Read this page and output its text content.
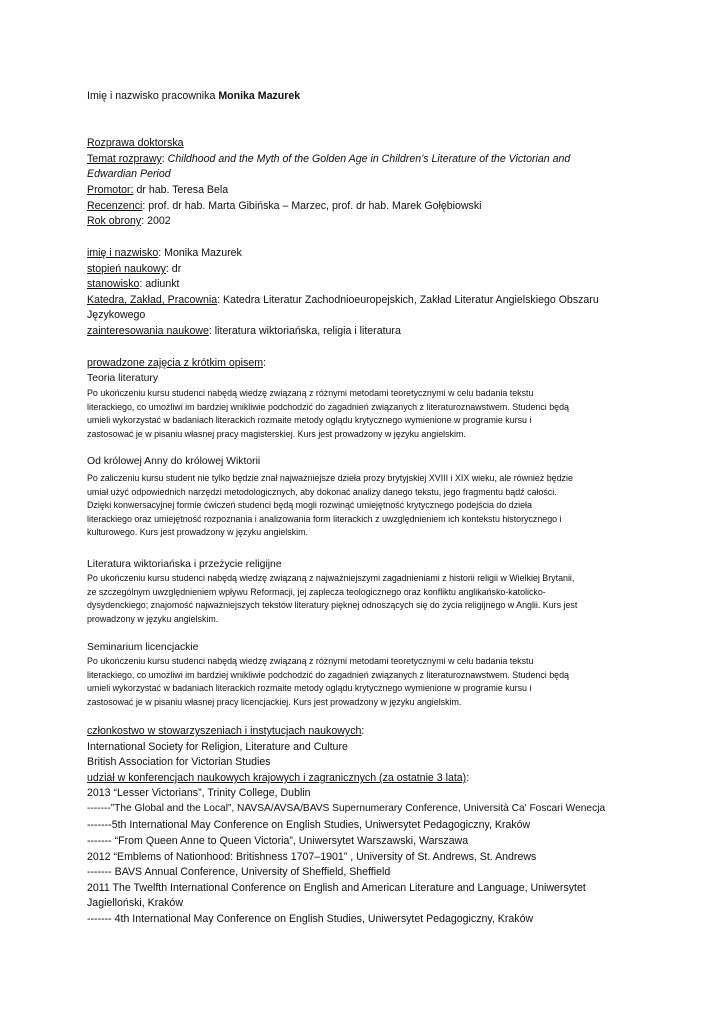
Imię i nazwisko pracownika Monika Mazurek
Rozprawa doktorska
Temat rozprawy: Childhood and the Myth of the Golden Age in Children’s Literature of the Victorian and
Edwardian Period
Promotor: dr hab. Teresa Bela
Recenzenci: prof. dr hab. Marta Gibińska – Marzec, prof. dr hab. Marek Gołębiowski
Rok obrony: 2002
imię i nazwisko: Monika Mazurek
stopień naukowy: dr
stanowisko: adiunkt
Katedra, Zakład, Pracownia: Katedra Literatur Zachodnioeuropejskich, Zakład Literatur Angielskiego Obszaru
Językowego
zainteresowania naukowe: literatura wiktoriańska, religia i literatura
prowadzone zajęcia z krótkim opisem:
Teoria literatury
Po ukończeniu kursu studenci nabędą wiedzę związaną z różnymi metodami teoretycznymi w celu badania tekstu
literackiego, co umożliwi im bardziej wnikliwie podchodzić do zagadnień związanych z literaturoznawstwem. Studenci będą
umieli wykorzystać w badaniach literackich rozmaite metody oglądu krytycznego wymienione w programie kursu i
zastosować je w pisaniu własnej pracy magisterskiej. Kurs jest prowadzony w języku angielskim.
Od królowej Anny do królowej Wiktorii
Po zaliczeniu kursu student nie tylko będzie znał najważniejsze dzieła prozy brytyjskiej XVIII i XIX wieku, ale również będzie
umiał użyć odpowiednich narzędzi metodologicznych, aby dokonać analizy danego tekstu, jego fragmentu bądź całości.
Dzięki konwersacyjnej formie ćwiczeń studenci będą mogli rozwinąć umiejętność krytycznego podejścia do dzieła
literackiego oraz umiejętność rozpoznania i analizowania form literackich z uwzględnieniem ich kontekstu historycznego i
kulturowego. Kurs jest prowadzony w języku angielskim.
Literatura wiktoriańska i przeżycie religijne
Po ukończeniu kursu studenci nabędą wiedzę związaną z najważniejszymi zagadnieniami z historii religii w Wielkiej Brytanii,
ze szczególnym uwzględnieniem wpływu Reformacji, jej zaplecza teologicznego oraz konfliktu anglikańsko-katolicko-
dysydenckiego; znajomość najważniejszych tekstów literatury pięknej odnoszących się do życia religijnego w Anglii. Kurs jest
prowadzony w języku angielskim.
Seminarium licencjackie
Po ukończeniu kursu studenci nabędą wiedzę związaną z różnymi metodami teoretycznymi w celu badania tekstu
literackiego, co umożliwi im bardziej wnikliwie podchodzić do zagadnień związanych z literaturoznawstwem. Studenci będą
umieli wykorzystać w badaniach literackich rozmaite metody oglądu krytycznego wymienione w programie kursu i
zastosować je w pisaniu własnej pracy licencjackiej. Kurs jest prowadzony w języku angielskim.
członkostwo w stowarzyszeniach i instytucjach naukowych:
International Society for Religion, Literature and Culture
British Association for Victorian Studies
udział w konferencjach naukowych krajowych i zagranicznych (za ostatnie 3 lata):
2013 “Lesser Victorians”, Trinity College, Dublin
-------”The Global and the Local”, NAVSA/AVSA/BAVS Supernumerary Conference, Università Ca' Foscari Wenecja
-------5th International May Conference on English Studies, Uniwersytet Pedagogiczny, Kraków
------- “From Queen Anne to Queen Victoria”, Uniwersytet Warszawski, Warszawa
2012 “Emblems of Nationhood: Britishness 1707–1901” , University of St. Andrews, St. Andrews
------- BAVS Annual Conference, University of Sheffield, Sheffield
2011 The Twelfth International Conference on English and American Literature and Language, Uniwersytet
Jagielloński, Kraków
------- 4th International May Conference on English Studies, Uniwersytet Pedagogiczny, Kraków
